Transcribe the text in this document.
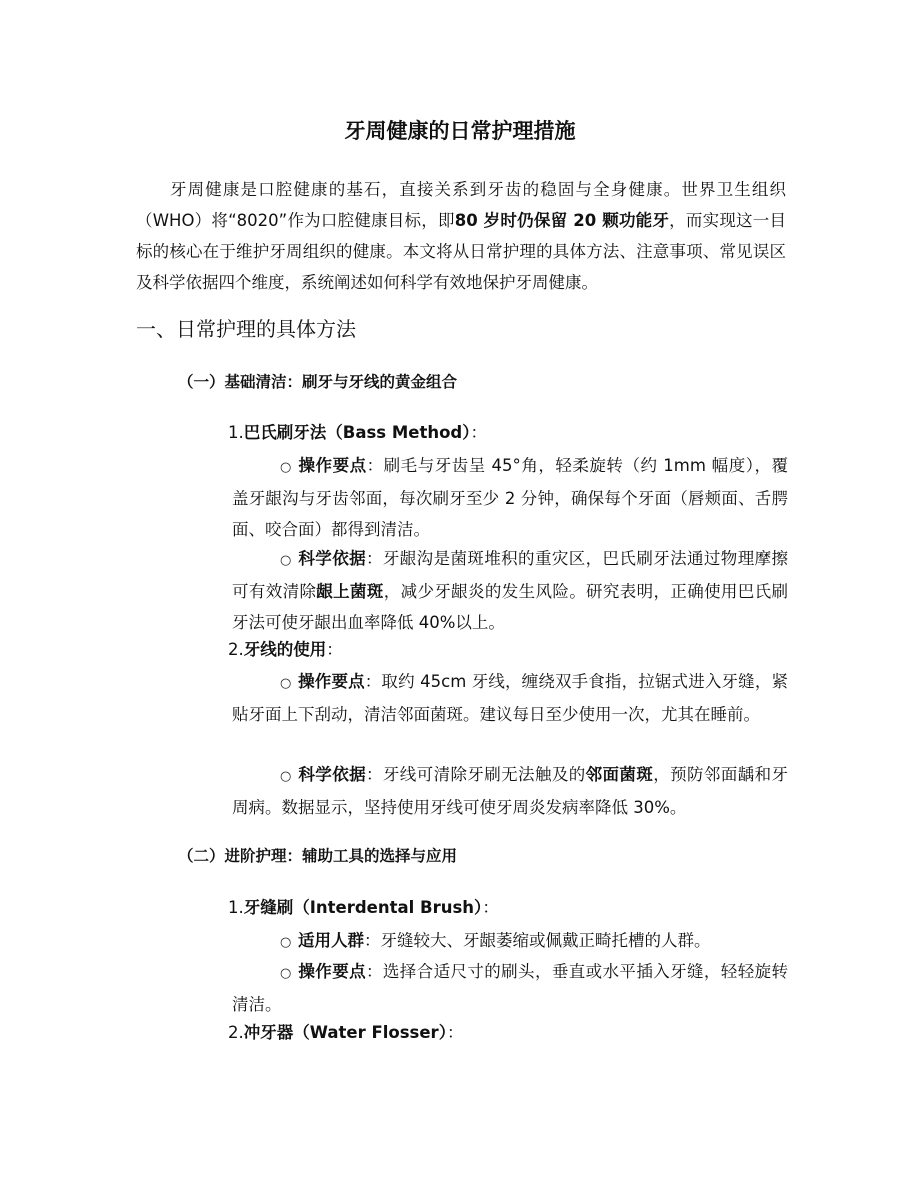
牙周健康的日常护理措施

牙周健康是口腔健康的基石，直接关系到牙齿的稳固与全身健康。世界卫生组织（WHO）将“8020”作为口腔健康目标，即80 岁时仍保留 20 颗功能牙，而实现这一目标的核心在于维护牙周组织的健康。本文将从日常护理的具体方法、注意事项、常见误区及科学依据四个维度，系统阐述如何科学有效地保护牙周健康。

一、日常护理的具体方法
（一）基础清洁：刷牙与牙线的黄金组合
1.巴氏刷牙法（Bass Method）：

○ 操作要点：刷毛与牙齿呈 45°角，轻柔旋转（约 1mm 幅度），覆盖牙龈沟与牙齿邻面，每次刷牙至少 2 分钟，确保每个牙面（唇颊面、舌腭面、咬合面）都得到清洁。

○ 科学依据：牙龈沟是菌斑堆积的重灾区，巴氏刷牙法通过物理摩擦可有效清除龈上菌斑，减少牙龈炎的发生风险。研究表明，正确使用巴氏刷牙法可使牙龈出血率降低 40%以上。

2.牙线的使用：

○ 操作要点：取约 45cm 牙线，缠绕双手食指，拉锯式进入牙缝，紧贴牙面上下刮动，清洁邻面菌斑。建议每日至少使用一次，尤其在睡前。

○ 科学依据：牙线可清除牙刷无法触及的邻面菌斑，预防邻面龋和牙周病。数据显示，坚持使用牙线可使牙周炎发病率降低 30%。

（二）进阶护理：辅助工具的选择与应用
1.牙缝刷（Interdental Brush）：

○ 适用人群：牙缝较大、牙龈萎缩或佩戴正畸托槽的人群。

○ 操作要点：选择合适尺寸的刷头，垂直或水平插入牙缝，轻轻旋转清洁。

2.冲牙器（Water Flosser）：
